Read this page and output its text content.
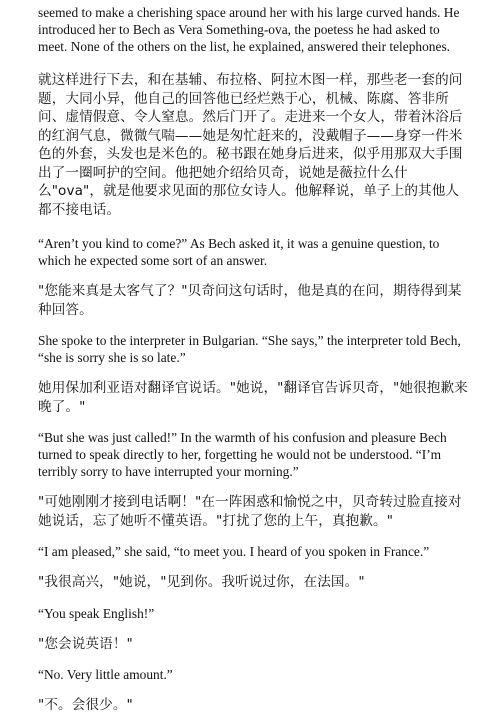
seemed to make a cherishing space around her with his large curved hands. He introduced her to Bech as Vera Something-ova, the poetess he had asked to meet. None of the others on the list, he explained, answered their telephones.

就这样进行下去，和在基辅、布拉格、阿拉木图一样，那些老一套的问题，大同小异，他自己的回答他已经烂熟于心，机械、陈腐、答非所问、虚情假意、令人窒息。然后门开了。走进来一个女人，带着沐浴后的红润气息，微微气喘——她是匆忙赶来的，没戴帽子——身穿一件米色的外套，头发也是米色的。秘书跟在她身后进来，似乎用那双大手围出了一圈呵护的空间。他把她介绍给贝奇，说她是薇拉什么什么"ova"，就是他要求见面的那位女诗人。他解释说，单子上的其他人都不接电话。

“Aren’t you kind to come?” As Bech asked it, it was a genuine question, to which he expected some sort of an answer.

"您能来真是太客气了？"贝奇问这句话时，他是真的在问，期待得到某种回答。

She spoke to the interpreter in Bulgarian. “She says,” the interpreter told Bech, “she is sorry she is so late.”

她用保加利亚语对翻译官说话。"她说，"翻译官告诉贝奇，"她很抱歉来晚了。"

“But she was just called!” In the warmth of his confusion and pleasure Bech turned to speak directly to her, forgetting he would not be understood. “I’m terribly sorry to have interrupted your morning.”

"可她刚刚才接到电话啊！"在一阵困惑和愉悦之中，贝奇转过脸直接对她说话，忘了她听不懂英语。"打扰了您的上午，真抱歉。"

“I am pleased,” she said, “to meet you. I heard of you spoken in France.”

"我很高兴，"她说，"见到你。我听说过你，在法国。"

“You speak English!”

"您会说英语！"

“No. Very little amount.”

"不。会很少。"
